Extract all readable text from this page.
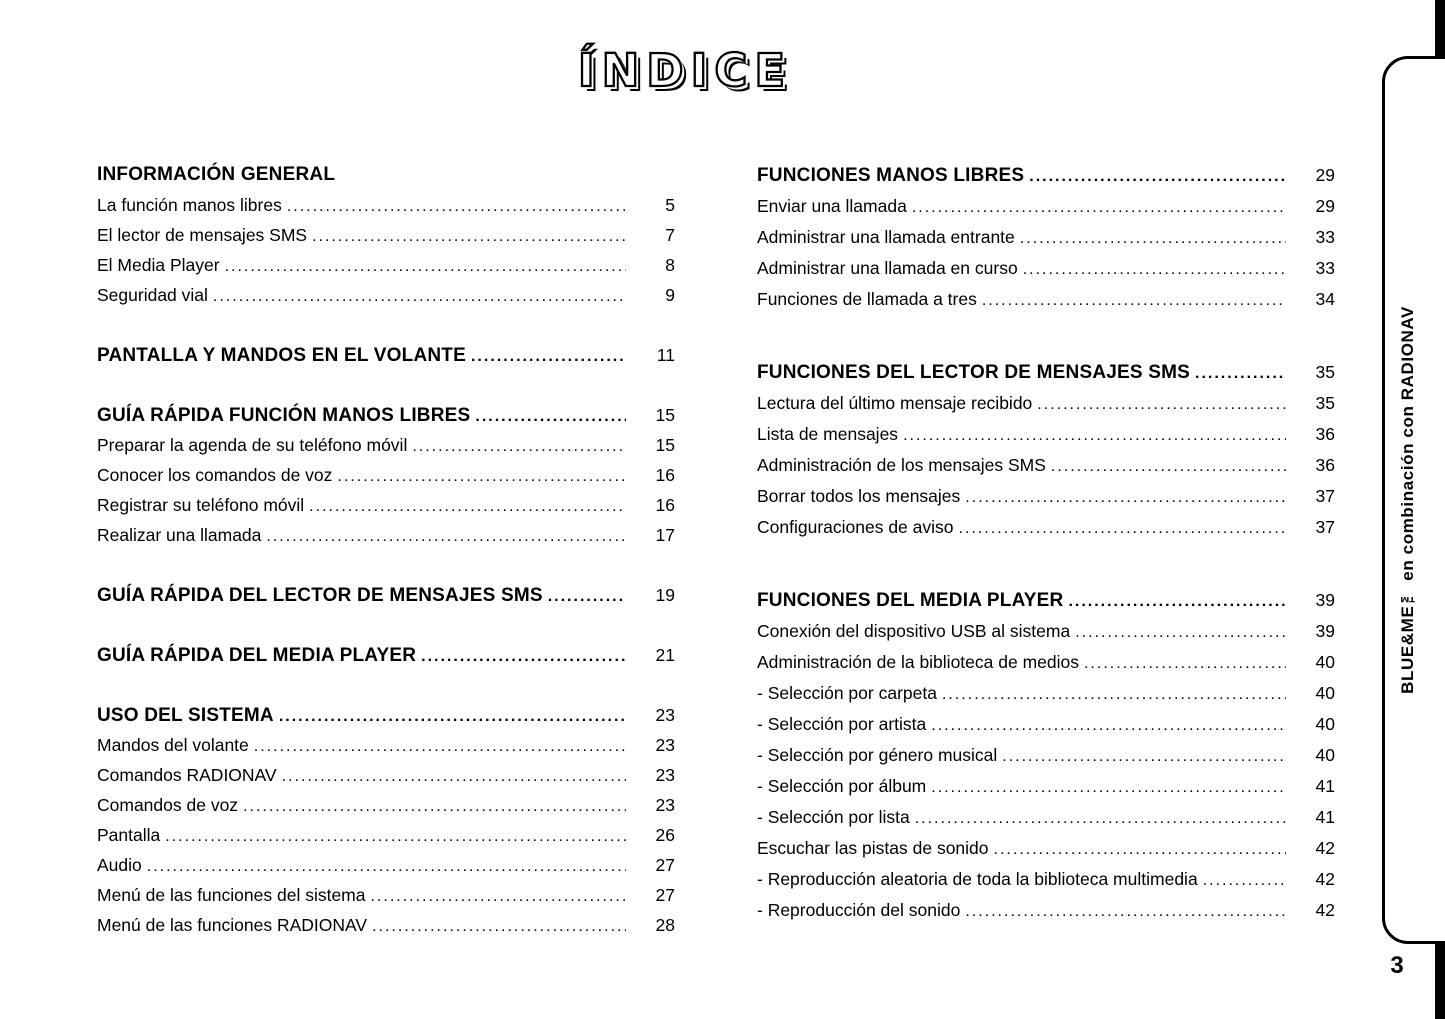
ÍNDICE
INFORMACIÓN GENERAL
La función manos libres .....	5
El lector de mensajes SMS .....	7
El Media Player .....	8
Seguridad vial .....	9
PANTALLA Y MANDOS EN EL VOLANTE .....	11
GUÍA RÁPIDA FUNCIÓN MANOS LIBRES .....	15
Preparar la agenda de su teléfono móvil .....	15
Conocer los comandos de voz .....	16
Registrar su teléfono móvil .....	16
Realizar una llamada .....	17
GUÍA RÁPIDA DEL LECTOR DE MENSAJES SMS .....	19
GUÍA RÁPIDA DEL MEDIA PLAYER .....	21
USO DEL SISTEMA .....	23
Mandos del volante .....	23
Comandos RADIONAV .....	23
Comandos de voz .....	23
Pantalla .....	26
Audio .....	27
Menú de las funciones del sistema .....	27
Menú de las funciones RADIONAV .....	28
FUNCIONES MANOS LIBRES .....	29
Enviar una llamada .....	29
Administrar una llamada entrante .....	33
Administrar una llamada en curso .....	33
Funciones de llamada a tres .....	34
FUNCIONES DEL LECTOR DE MENSAJES SMS .....	35
Lectura del último mensaje recibido .....	35
Lista de mensajes .....	36
Administración de los mensajes SMS .....	36
Borrar todos los mensajes .....	37
Configuraciones de aviso .....	37
FUNCIONES DEL MEDIA PLAYER .....	39
Conexión del dispositivo USB al sistema .....	39
Administración de la biblioteca de medios .....	40
- Selección por carpeta .....	40
- Selección por artista .....	40
- Selección por género musical .....	40
- Selección por álbum .....	41
- Selección por lista .....	41
Escuchar las pistas de sonido .....	42
- Reproducción aleatoria de toda la biblioteca multimedia .....	42
- Reproducción del sonido .....	42
BLUE&ME™ en combinación con RADIONAV
3
